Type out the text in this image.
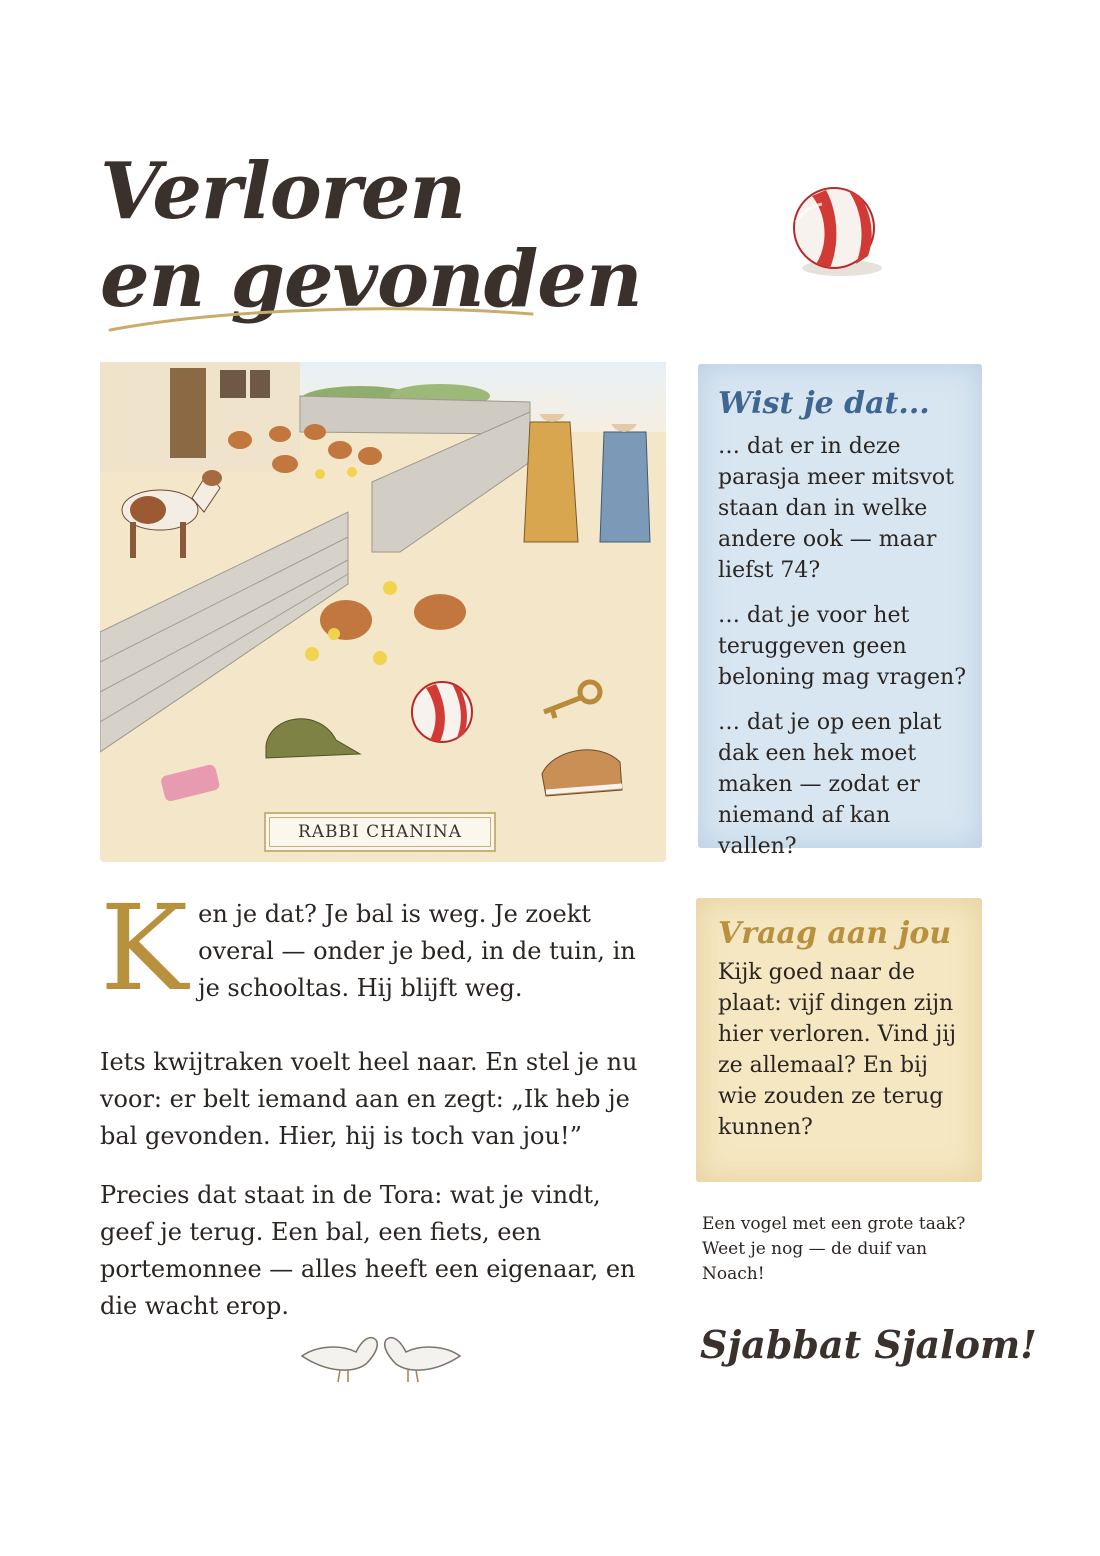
Verloren
en gevonden
RABBI CHANINA
Wist je dat...

… dat er in deze parasja meer mitsvot staan dan in welke andere ook — maar liefst 74?

… dat je voor het teruggeven geen beloning mag vragen?

… dat je op een plat dak een hek moet maken — zodat er niemand af kan vallen?

Vraag aan jou

Kijk goed naar de plaat: vijf dingen zijn hier verloren. Vind jij ze allemaal? En bij wie zouden ze terug kunnen?

K en je dat? Je bal is weg. Je zoekt overal — onder je bed, in de tuin, in je schooltas. Hij blijft weg.

Iets kwijtraken voelt heel naar. En stel je nu voor: er belt iemand aan en zegt: „Ik heb je bal gevonden. Hier, hij is toch van jou!”

Precies dat staat in de Tora: wat je vindt, geef je terug. Een bal, een fiets, een portemonnee — alles heeft een eigenaar, en die wacht erop.

Een vogel met een grote taak? Weet je nog — de duif van Noach!
Sjabbat Sjalom!
